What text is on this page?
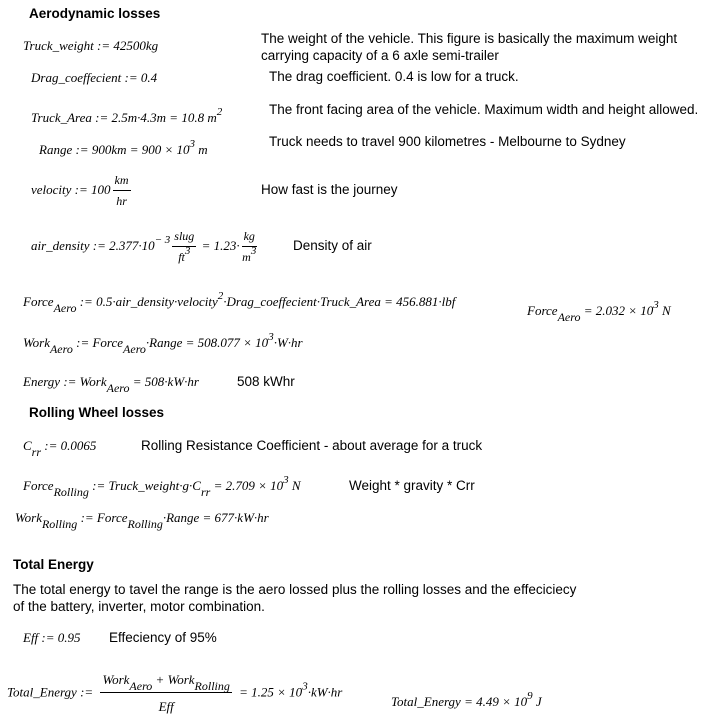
Aerodynamic losses
Truck_weight := 42500kg	The weight of the vehicle. This figure is basically the maximum weight
carrying capacity of a 6 axle semi-trailer
Drag_coeffecient := 0.4	The drag coefficient. 0.4 is low for a truck.
Truck_Area := 2.5m·4.3m = 10.8 $m^2$	The front facing area of the vehicle. Maximum width and height allowed.
Range := $900km = 900 \times 10^3$ m
Truck needs to travel 900 kilometres - Melbourne to Sydney
velocity := $100 \frac{km}{hr}$	How fast is the journey
air_density := $2.377\cdot 10^{- 3} \frac{\text{slug}}{ft^3} = 1.23\cdot \frac{kg}{m^3}$	Density of air
Force$_{Aero}$ := 0.5·air_density·velocity$^2$·Drag_coeffecient·Truck_Area = 456.881·lbf
Force$_{Aero}$ = $2.032 \times 10^3$ N
Work$_{Aero}$ := Force$_{Aero}$·Range = $508.077 \times 10^3\cdot W\cdot hr$
Energy := Work$_{Aero}$ = 508·kW·hr	508 kWhr
Rolling Wheel losses
$C_{rr}$ := 0.0065	Rolling Resistance Coefficient - about average for a truck
Force$_{Rolling}$ := $Truck\_weight\cdot g\cdot C_{rr} = 2.709 \times 10^3$ N	Weight * gravity * Crr
Work$_{Rolling}$ := Force$_{Rolling}$·Range = 677·kW·hr
Total Energy
The total energy to tavel the range is the aero lossed plus the rolling losses and the effeciciecy
of the battery, inverter, motor combination.
Eff := 0.95 Effeciency of 95%
Total_Energy := $\frac{Work_{Aero} + Work_{Rolling}}{\text{Eff}} = 1.25 \times 10^3\cdot kW\cdot hr$
Total_Energy = $4.49 \times 10^9$ J
